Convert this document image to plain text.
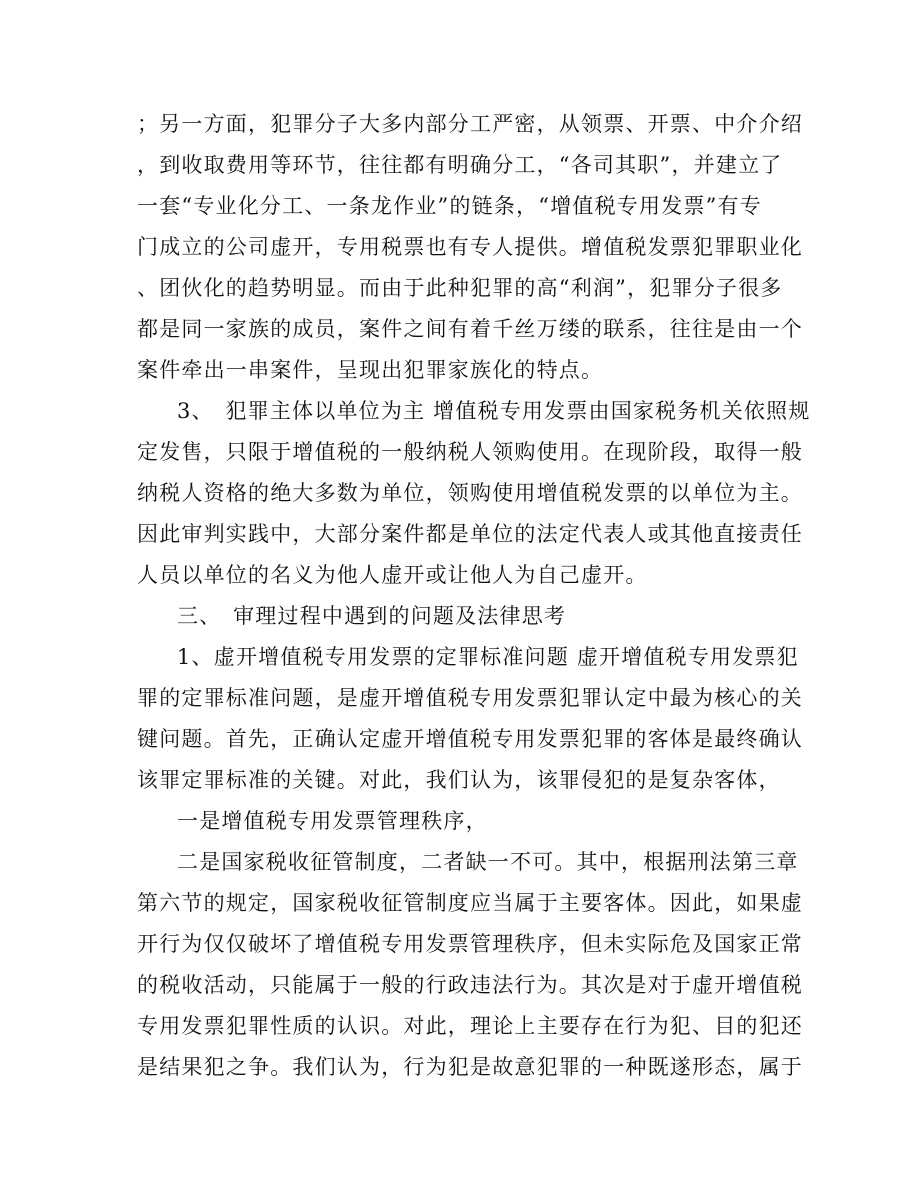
；另一方面，犯罪分子大多内部分工严密，从领票、开票、中介介绍
，到收取费用等环节，往往都有明确分工，“各司其职”，并建立了
一套“专业化分工、一条龙作业”的链条，“增值税专用发票”有专
门成立的公司虚开，专用税票也有专人提供。增值税发票犯罪职业化
、团伙化的趋势明显。而由于此种犯罪的高“利润”，犯罪分子很多
都是同一家族的成员，案件之间有着千丝万缕的联系，往往是由一个
案件牵出一串案件，呈现出犯罪家族化的特点。
3、　犯罪主体以单位为主 增值税专用发票由国家税务机关依照规
定发售，只限于增值税的一般纳税人领购使用。在现阶段，取得一般
纳税人资格的绝大多数为单位，领购使用增值税发票的以单位为主。
因此审判实践中，大部分案件都是单位的法定代表人或其他直接责任
人员以单位的名义为他人虚开或让他人为自己虚开。
三、　审理过程中遇到的问题及法律思考
1、虚开增值税专用发票的定罪标准问题 虚开增值税专用发票犯
罪的定罪标准问题，是虚开增值税专用发票犯罪认定中最为核心的关
键问题。首先，正确认定虚开增值税专用发票犯罪的客体是最终确认
该罪定罪标准的关键。对此，我们认为，该罪侵犯的是复杂客体，
一是增值税专用发票管理秩序，
二是国家税收征管制度，二者缺一不可。其中，根据刑法第三章
第六节的规定，国家税收征管制度应当属于主要客体。因此，如果虚
开行为仅仅破坏了增值税专用发票管理秩序，但未实际危及国家正常
的税收活动，只能属于一般的行政违法行为。其次是对于虚开增值税
专用发票犯罪性质的认识。对此，理论上主要存在行为犯、目的犯还
是结果犯之争。我们认为，行为犯是故意犯罪的一种既遂形态，属于
